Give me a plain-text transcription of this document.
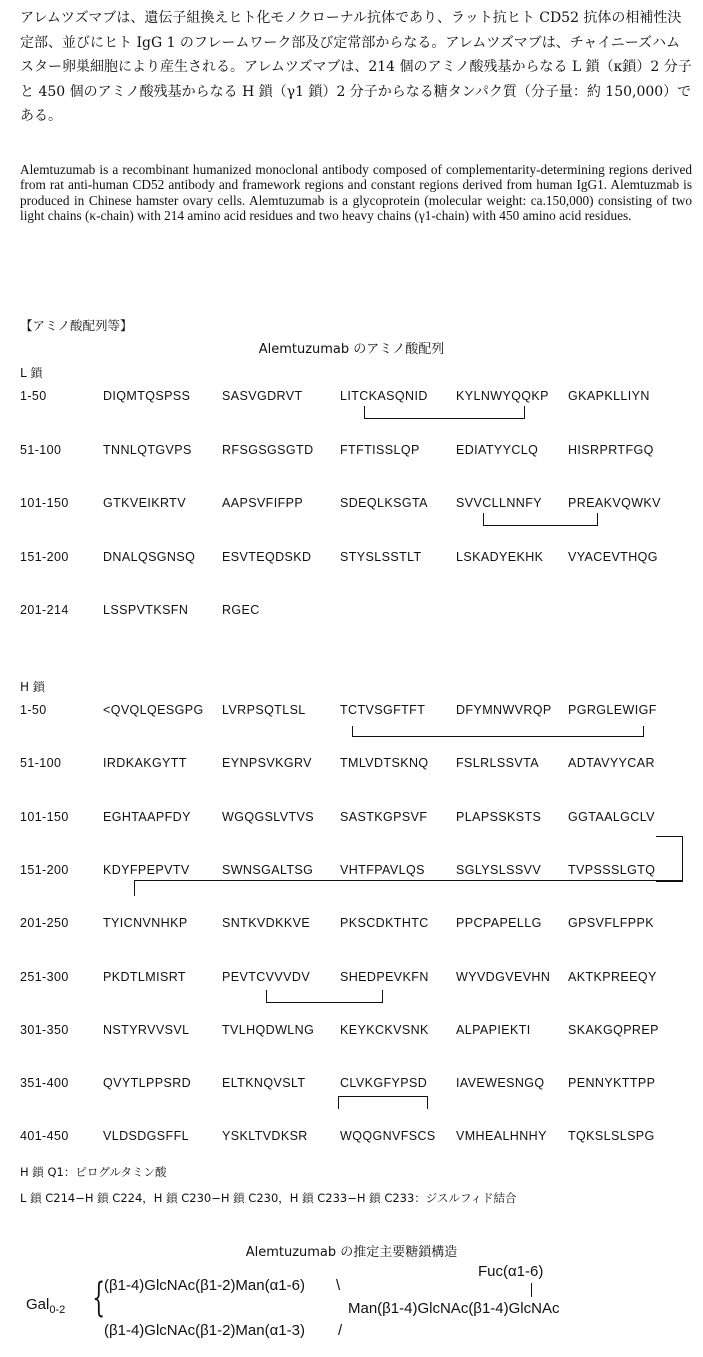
アレムツズマブは、遺伝子組換えヒト化モノクローナル抗体であり、ラット抗ヒト CD52 抗体の相補性決定部、並びにヒト IgG 1 のフレームワーク部及び定常部からなる。アレムツズマブは、チャイニーズハムスター卵巣細胞により産生される。アレムツズマブは、214 個のアミノ酸残基からなる L 鎖（κ鎖）2 分子と 450 個のアミノ酸残基からなる H 鎖（γ1 鎖）2 分子からなる糖タンパク質（分子量：約 150,000）である。
Alemtuzumab is a recombinant humanized monoclonal antibody composed of complementarity-determining regions derived from rat anti-human CD52 antibody and framework regions and constant regions derived from human IgG1. Alemtuzmab is produced in Chinese hamster ovary cells. Alemtuzumab is a glycoprotein (molecular weight: ca.150,000) consisting of two light chains (κ-chain) with 214 amino acid residues and two heavy chains (γ1-chain) with 450 amino acid residues.
【アミノ酸配列等】
Alemtuzumab のアミノ酸配列
L 鎖
1-50	DIQMTQSPSS	SASVGDRVT	LITCKASQNID KYLNWYQQKP GKAPKLLIYN
51-100	TNNLQTGVPS RFSGSGSGTD FTFTISSLQP	EDIATYYCLQ HISRPRTFGQ
101-150	GTKVEIKRTV	AAPSVFIFPP	SDEQLKSGTA SVVCLLNNFY PREAKVQWKV
151-200	DNALQSGNSQ ESVTEQDSKD STYSLSSTLT	LSKADYEKHK VYACEVTHQG
201-214	LSSPVTKSFN	RGEC
H 鎖
1-50	<QVQLQESGPG LVRPSQTLSL	TCTVSGFTFT DFYMNWVRQP PGRGLEWIGF
51-100	IRDKAKGYTT	EYNPSVKGRV TMLVDTSKNQ FSLRLSSVTA ADTAVYYCAR
101-150	EGHTAAPFDY WGQGSLVTVS SASTKGPSVF PLAPSSKSTS GGTAALGCLV
151-200	KDYFPEPVTV	SWNSGALTSG VHTFPAVLQS SGLYSLSSVV TVPSSSLGTQ
201-250	TYICNVNHKP	SNTKVDKKVE PKSCDKTHTC PPCPAPELLG GPSVFLFPPK
251-300	PKDTLMISRT	PEVTCVVVDV SHEDPEVKFN WYVDGVEVHN AKTKPREEQY
301-350	NSTYRVVSVL	TVLHQDWLNG KEYKCKVSNK ALPAPIEKTI	SKAKGQPREP
351-400	QVYTLPPSRD ELTKNQVSLT	CLVKGFYPSD IAVEWESNGQ PENNYKTTPP
401-450	VLDSDGSFFL	YSKLTVDKSR	WQQGNVFSCS VMHEALHNHY TQKSLSLSPG
H 鎖 Q1：ピログルタミン酸
L 鎖 C214−H 鎖 C224，H 鎖 C230−H 鎖 C230，H 鎖 C233−H 鎖 C233：ジスルフィド結合
Alemtuzumab の推定主要糖鎖構造
Gal$_{0-2}$ {
(β1-4)GlcNAc(β1-2)Man(α1-6)
(β1-4)GlcNAc(β1-2)Man(α1-3)
\
/
Man(β1-4)GlcNAc(β1-4)GlcNAc
Fuc(α1-6)
